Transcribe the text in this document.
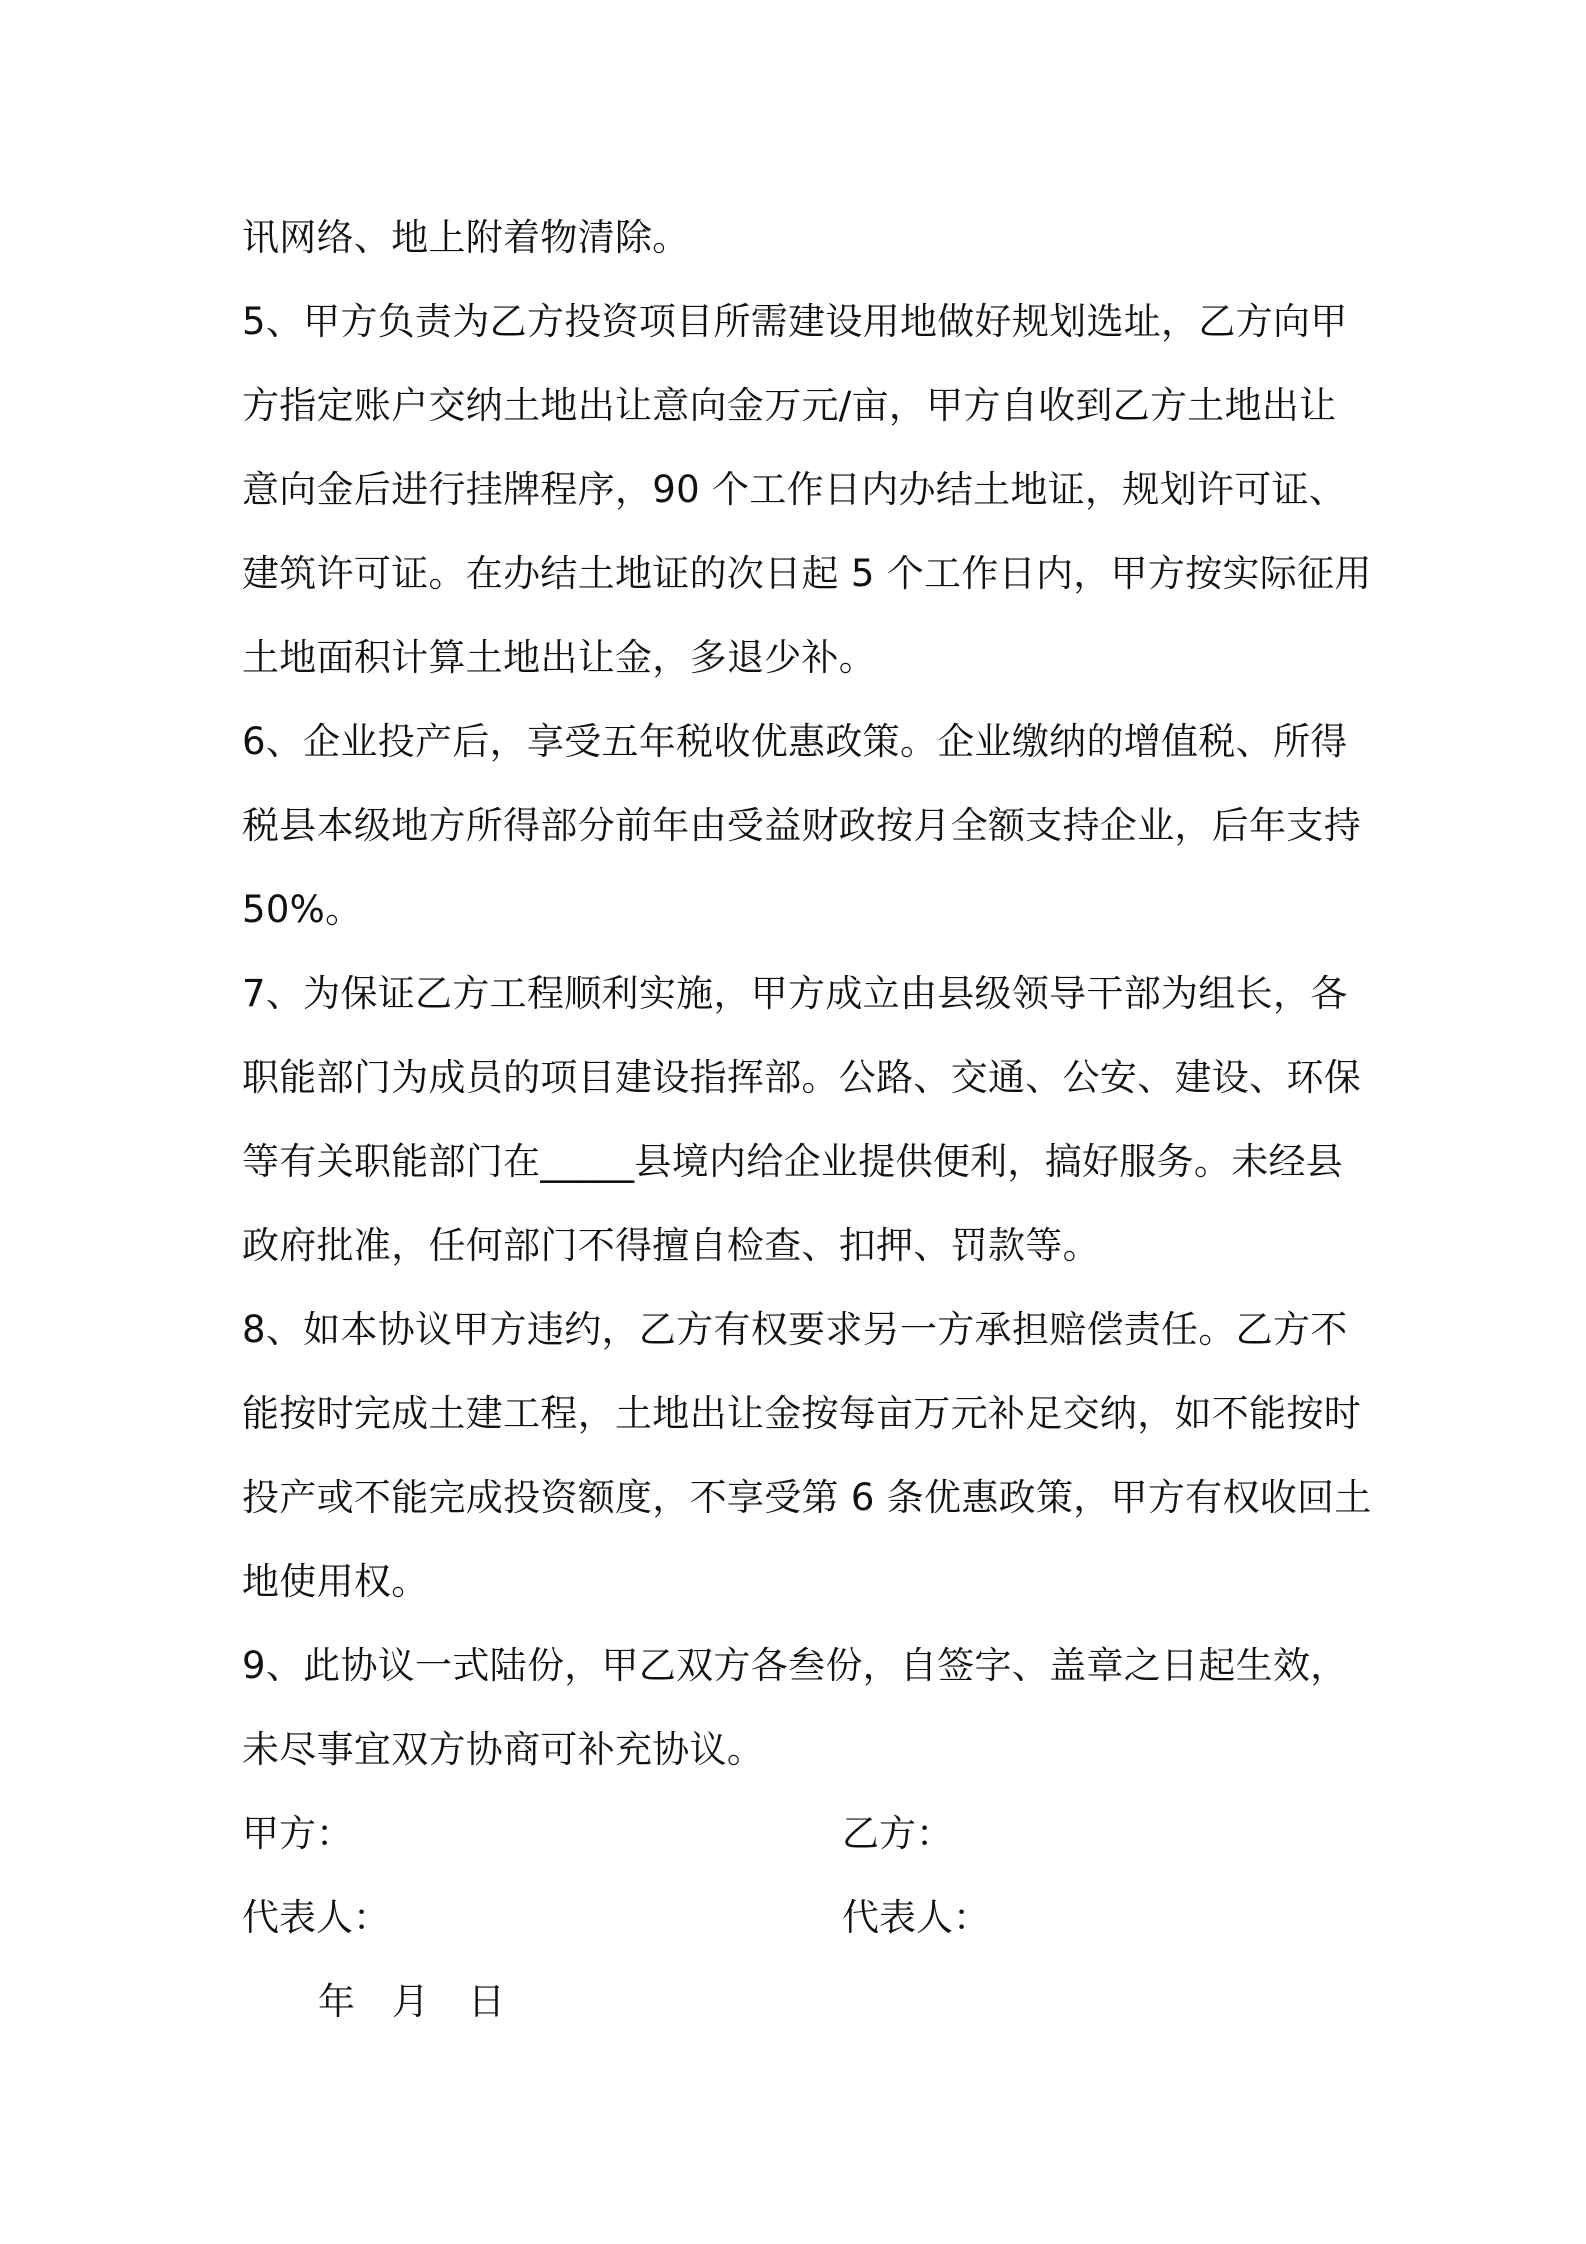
讯网络、地上附着物清除。
5、甲方负责为乙方投资项目所需建设用地做好规划选址，乙方向甲
方指定账户交纳土地出让意向金万元/亩，甲方自收到乙方土地出让
意向金后进行挂牌程序，90 个工作日内办结土地证，规划许可证、
建筑许可证。在办结土地证的次日起 5 个工作日内，甲方按实际征用
土地面积计算土地出让金，多退少补。
6、企业投产后，享受五年税收优惠政策。企业缴纳的增值税、所得
税县本级地方所得部分前年由受益财政按月全额支持企业，后年支持
50%。
7、为保证乙方工程顺利实施，甲方成立由县级领导干部为组长，各
职能部门为成员的项目建设指挥部。公路、交通、公安、建设、环保
等有关职能部门在_____县境内给企业提供便利，搞好服务。未经县
政府批准，任何部门不得擅自检查、扣押、罚款等。
8、如本协议甲方违约，乙方有权要求另一方承担赔偿责任。乙方不
能按时完成土建工程，土地出让金按每亩万元补足交纳，如不能按时
投产或不能完成投资额度，不享受第 6 条优惠政策，甲方有权收回土
地使用权。
9、此协议一式陆份，甲乙双方各叁份，自签字、盖章之日起生效，
未尽事宜双方协商可补充协议。
甲方：	乙方：
代表人：	代表人：
年 月 日
